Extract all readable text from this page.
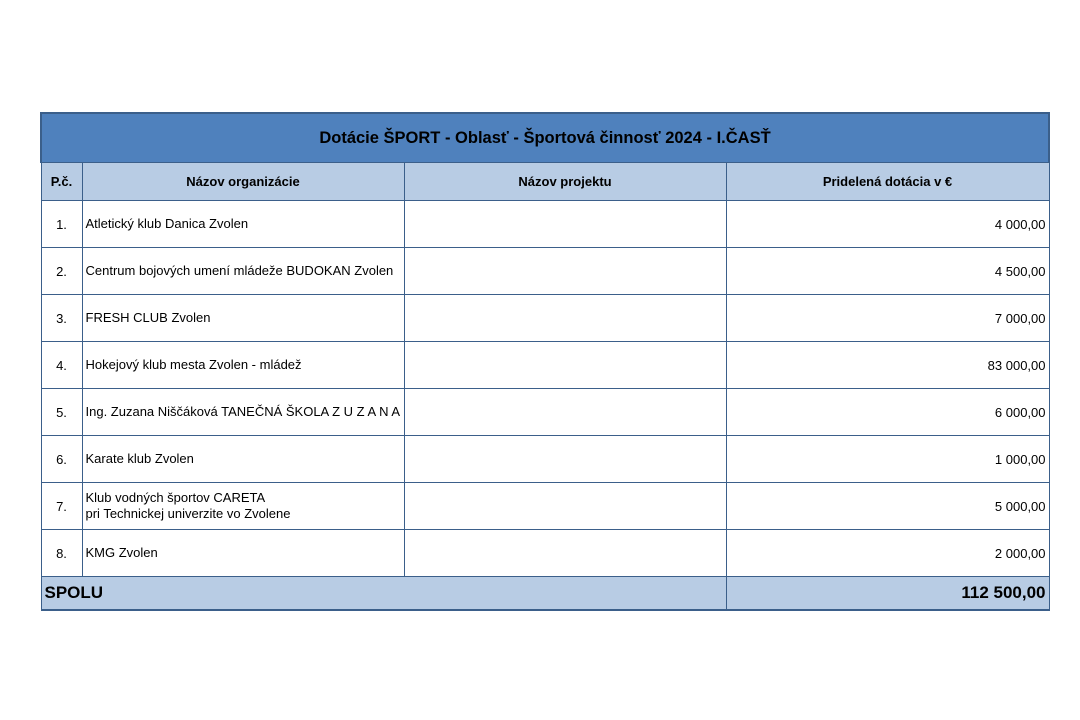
Dotácie ŠPORT - Oblasť - Športová činnosť 2024 - I.ČASŤ			
P.č.	Názov organizácie	Názov projektu	Pridelená dotácia v €
1.	Atletický klub Danica Zvolen		4 000,00
2.	Centrum bojových umení mládeže BUDOKAN Zvolen		4 500,00
3.	FRESH CLUB Zvolen		7 000,00
4.	Hokejový klub mesta Zvolen - mládež		83 000,00
5.	Ing. Zuzana Niščáková TANEČNÁ ŠKOLA Z U Z A N A		6 000,00
6.	Karate klub Zvolen		1 000,00
7.	Klub vodných športov CARETA
pri Technickej univerzite vo Zvolene		5 000,00
8.	KMG Zvolen		2 000,00
SPOLU			112 500,00
